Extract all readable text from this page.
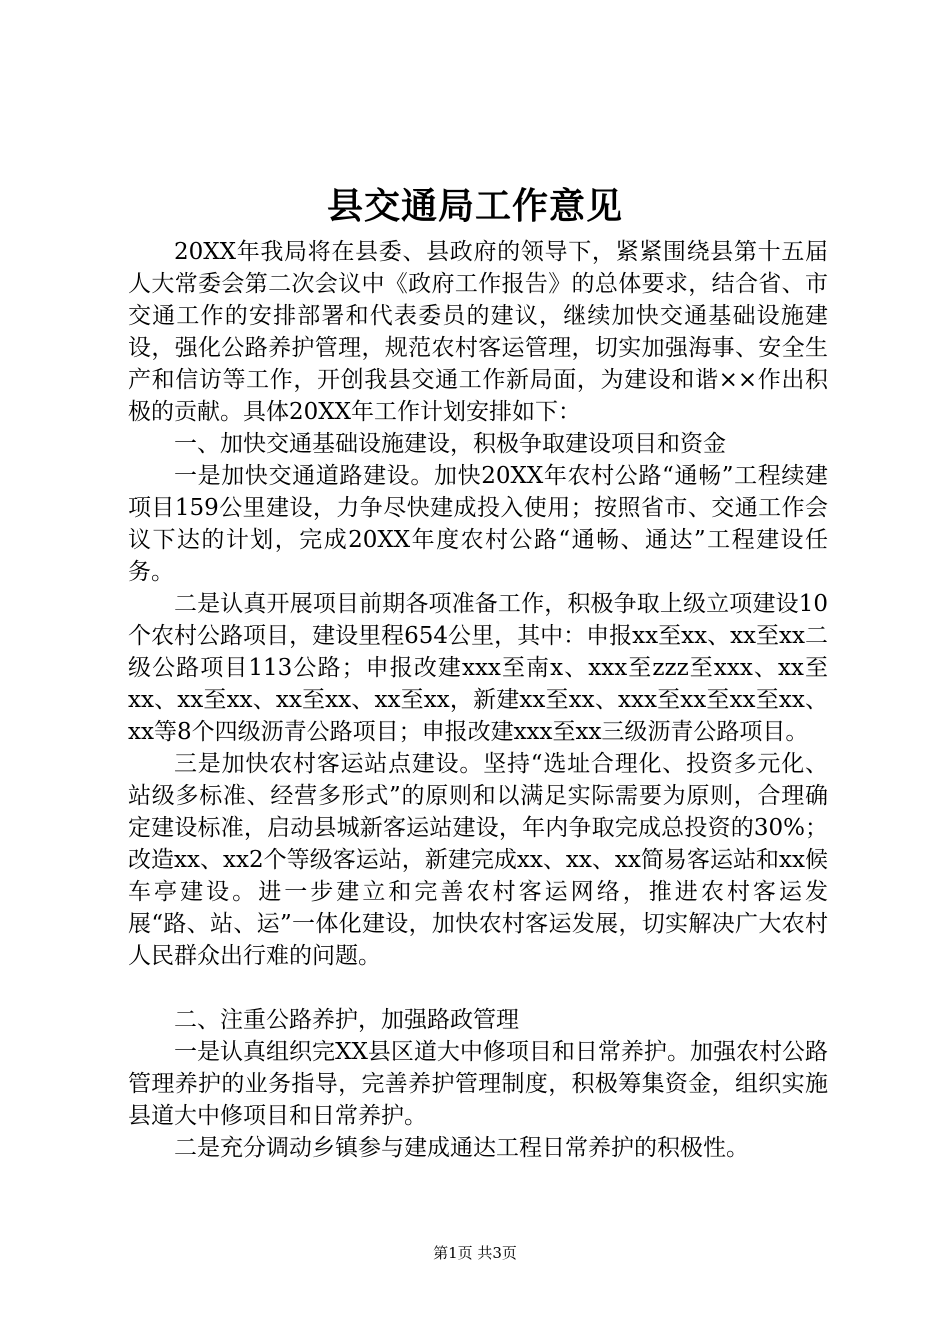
县交通局工作意见

20XX年我局将在县委、县政府的领导下，紧紧围绕县第十五届人大常委会第二次会议中《政府工作报告》的总体要求，结合省、市交通工作的安排部署和代表委员的建议，继续加快交通基础设施建设，强化公路养护管理，规范农村客运管理，切实加强海事、安全生产和信访等工作，开创我县交通工作新局面，为建设和谐××作出积极的贡献。具体20XX年工作计划安排如下：

一、加快交通基础设施建设，积极争取建设项目和资金

一是加快交通道路建设。加快20XX年农村公路“通畅”工程续建项目159公里建设，力争尽快建成投入使用；按照省市、交通工作会议下达的计划，完成20XX年度农村公路“通畅、通达”工程建设任务。

二是认真开展项目前期各项准备工作，积极争取上级立项建设10个农村公路项目，建设里程654公里，其中：申报xx至xx、xx至xx二级公路项目113公路；申报改建xxx至南x、xxx至zzz至xxx、xx至xx、xx至xx、xx至xx、xx至xx，新建xx至xx、xxx至xx至xx至xx、xx等8个四级沥青公路项目；申报改建xxx至xx三级沥青公路项目。

三是加快农村客运站点建设。坚持“选址合理化、投资多元化、站级多标准、经营多形式”的原则和以满足实际需要为原则，合理确定建设标准，启动县城新客运站建设，年内争取完成总投资的30%；改造xx、xx2个等级客运站，新建完成xx、xx、xx简易客运站和xx候车亭建设。进一步建立和完善农村客运网络，推进农村客运发展“路、站、运”一体化建设，加快农村客运发展，切实解决广大农村人民群众出行难的问题。

二、注重公路养护，加强路政管理

一是认真组织完XX县区道大中修项目和日常养护。加强农村公路管理养护的业务指导，完善养护管理制度，积极筹集资金，组织实施县道大中修项目和日常养护。

二是充分调动乡镇参与建成通达工程日常养护的积极性。

第1页 共3页
